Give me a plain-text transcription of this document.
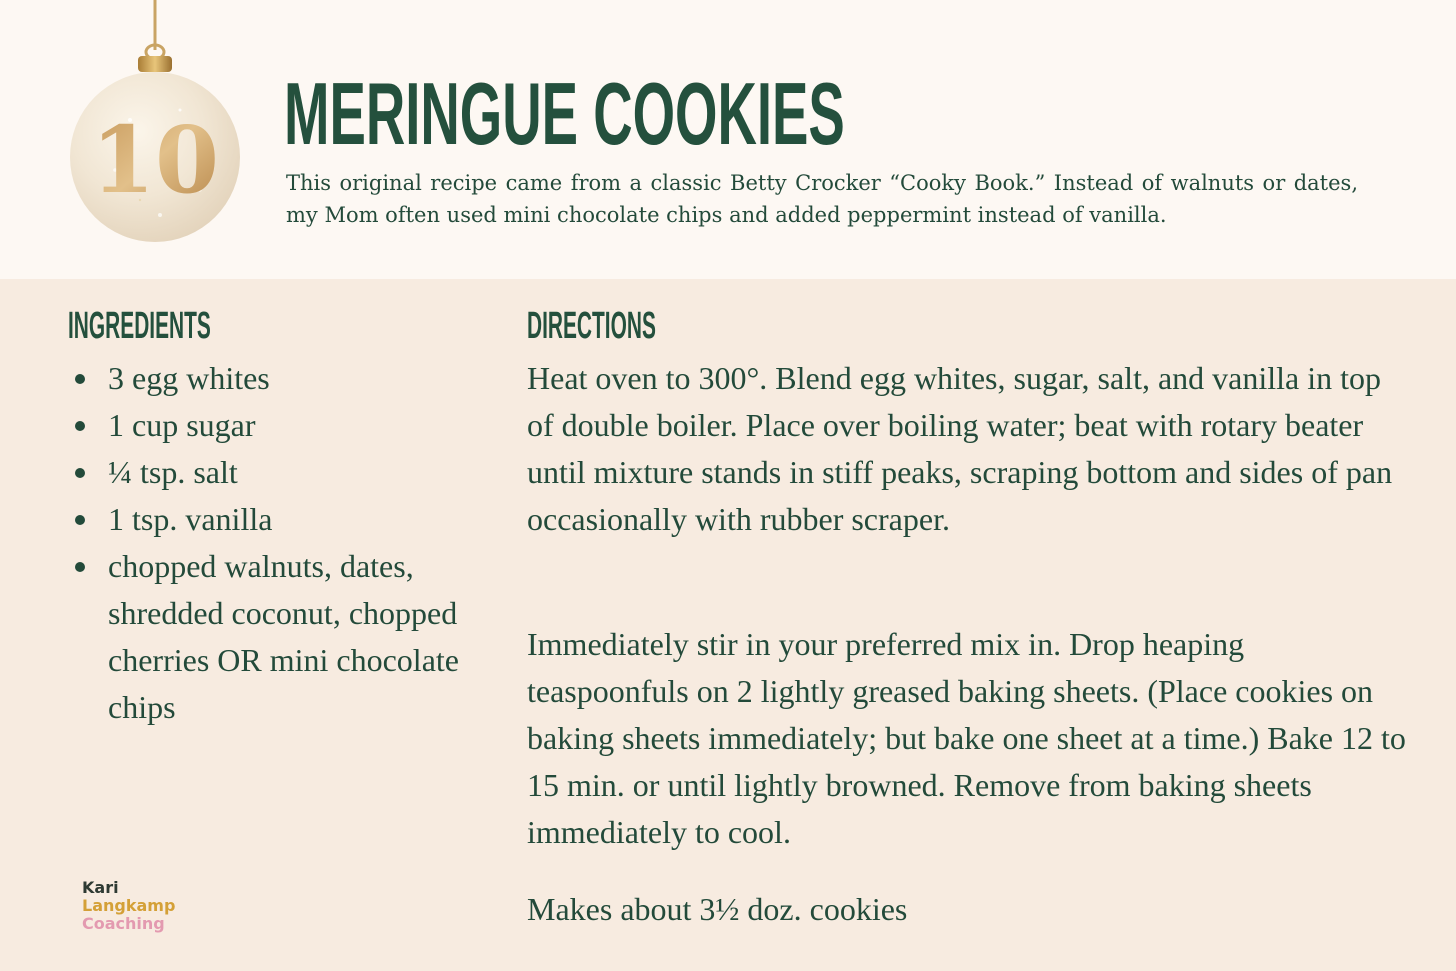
10 MERINGUE COOKIES

This original recipe came from a classic Betty Crocker “Cooky Book.” Instead of walnuts or dates, my Mom often used mini chocolate chips and added peppermint instead of vanilla.

INGREDIENTS
3 egg whites
1 cup sugar
¼ tsp. salt
1 tsp. vanilla
chopped walnuts, dates, shredded coconut, chopped cherries OR mini chocolate chips
DIRECTIONS

Heat oven to 300°. Blend egg whites, sugar, salt, and vanilla in top of double boiler. Place over boiling water; beat with rotary beater until mixture stands in stiff peaks, scraping bottom and sides of pan occasionally with rubber scraper.

Immediately stir in your preferred mix in. Drop heaping teaspoonfuls on 2 lightly greased baking sheets. (Place cookies on baking sheets immediately; but bake one sheet at a time.) Bake 12 to 15 min. or until lightly browned. Remove from baking sheets immediately to cool.

Makes about 3½ doz. cookies

Kari
Langkamp
Coaching
